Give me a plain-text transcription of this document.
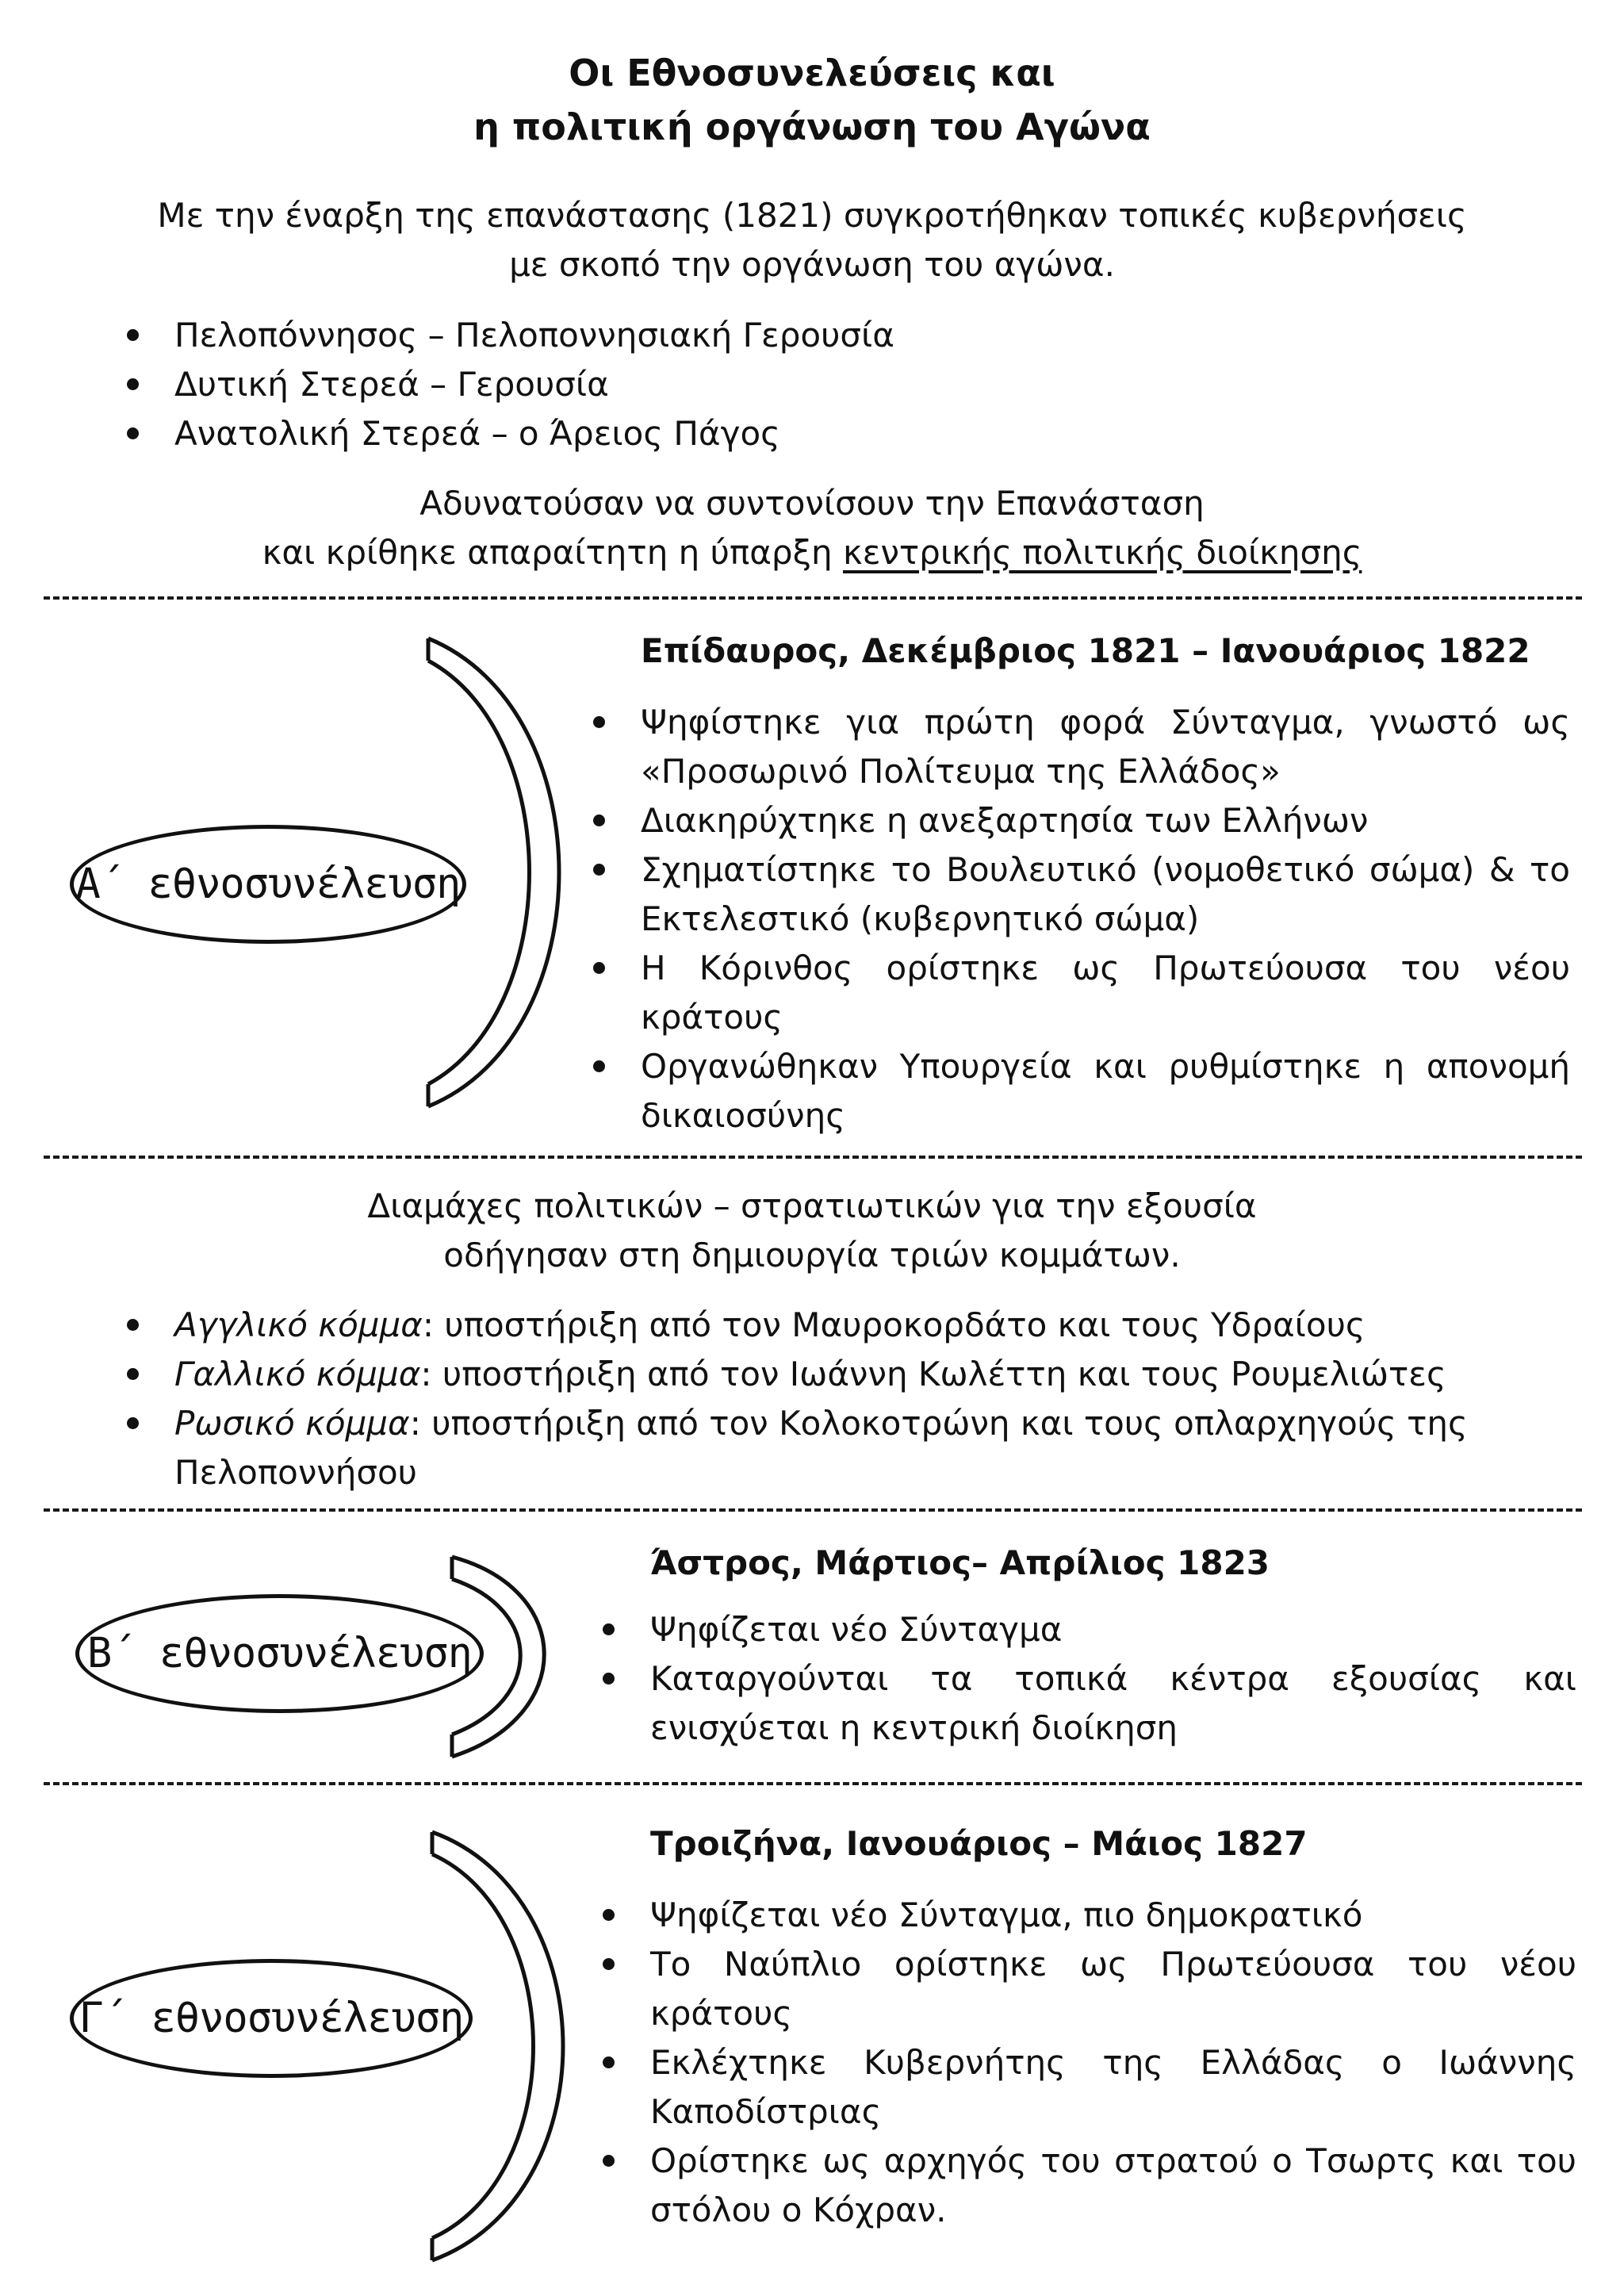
Οι Εθνοσυνελεύσεις και
η πολιτική οργάνωση του Αγώνα
Με την έναρξη της επανάστασης (1821) συγκροτήθηκαν τοπικές κυβερνήσεις
με σκοπό την οργάνωση του αγώνα.
Πελοπόννησος – Πελοποννησιακή Γερουσία
Δυτική Στερεά – Γερουσία
Ανατολική Στερεά – ο Άρειος Πάγος
Αδυνατούσαν να συντονίσουν την Επανάσταση
και κρίθηκε απαραίτητη η ύπαρξη κεντρικής πολιτικής διοίκησης
Α΄ εθνοσυνέλευση
Επίδαυρος, Δεκέμβριος 1821 – Ιανουάριος 1822
Ψηφίστηκε για πρώτη φορά Σύνταγμα, γνωστό ως «Προσωρινό Πολίτευμα της Ελλάδος»
Διακηρύχτηκε η ανεξαρτησία των Ελλήνων
Σχηματίστηκε το Βουλευτικό (νομοθετικό σώμα) & το Εκτελεστικό (κυβερνητικό σώμα)
Η Κόρινθος ορίστηκε ως Πρωτεύουσα του νέου κράτους
Οργανώθηκαν Υπουργεία και ρυθμίστηκε η απονομή δικαιοσύνης
Διαμάχες πολιτικών – στρατιωτικών για την εξουσία
οδήγησαν στη δημιουργία τριών κομμάτων.
Αγγλικό κόμμα: υποστήριξη από τον Μαυροκορδάτο και τους Υδραίους
Γαλλικό κόμμα: υποστήριξη από τον Ιωάννη Κωλέττη και τους Ρουμελιώτες
Ρωσικό κόμμα: υποστήριξη από τον Κολοκοτρώνη και τους οπλαρχηγούς της Πελοποννήσου
Β΄ εθνοσυνέλευση
Άστρος, Μάρτιος– Απρίλιος 1823
Ψηφίζεται νέο Σύνταγμα
Καταργούνται τα τοπικά κέντρα εξουσίας και ενισχύεται η κεντρική διοίκηση
Γ΄ εθνοσυνέλευση
Τροιζήνα, Ιανουάριος – Μάιος 1827
Ψηφίζεται νέο Σύνταγμα, πιο δημοκρατικό
Το Ναύπλιο ορίστηκε ως Πρωτεύουσα του νέου κράτους
Εκλέχτηκε Κυβερνήτης της Ελλάδας ο Ιωάννης Καποδίστριας
Ορίστηκε ως αρχηγός του στρατού ο Τσωρτς και του στόλου ο Κόχραν.
